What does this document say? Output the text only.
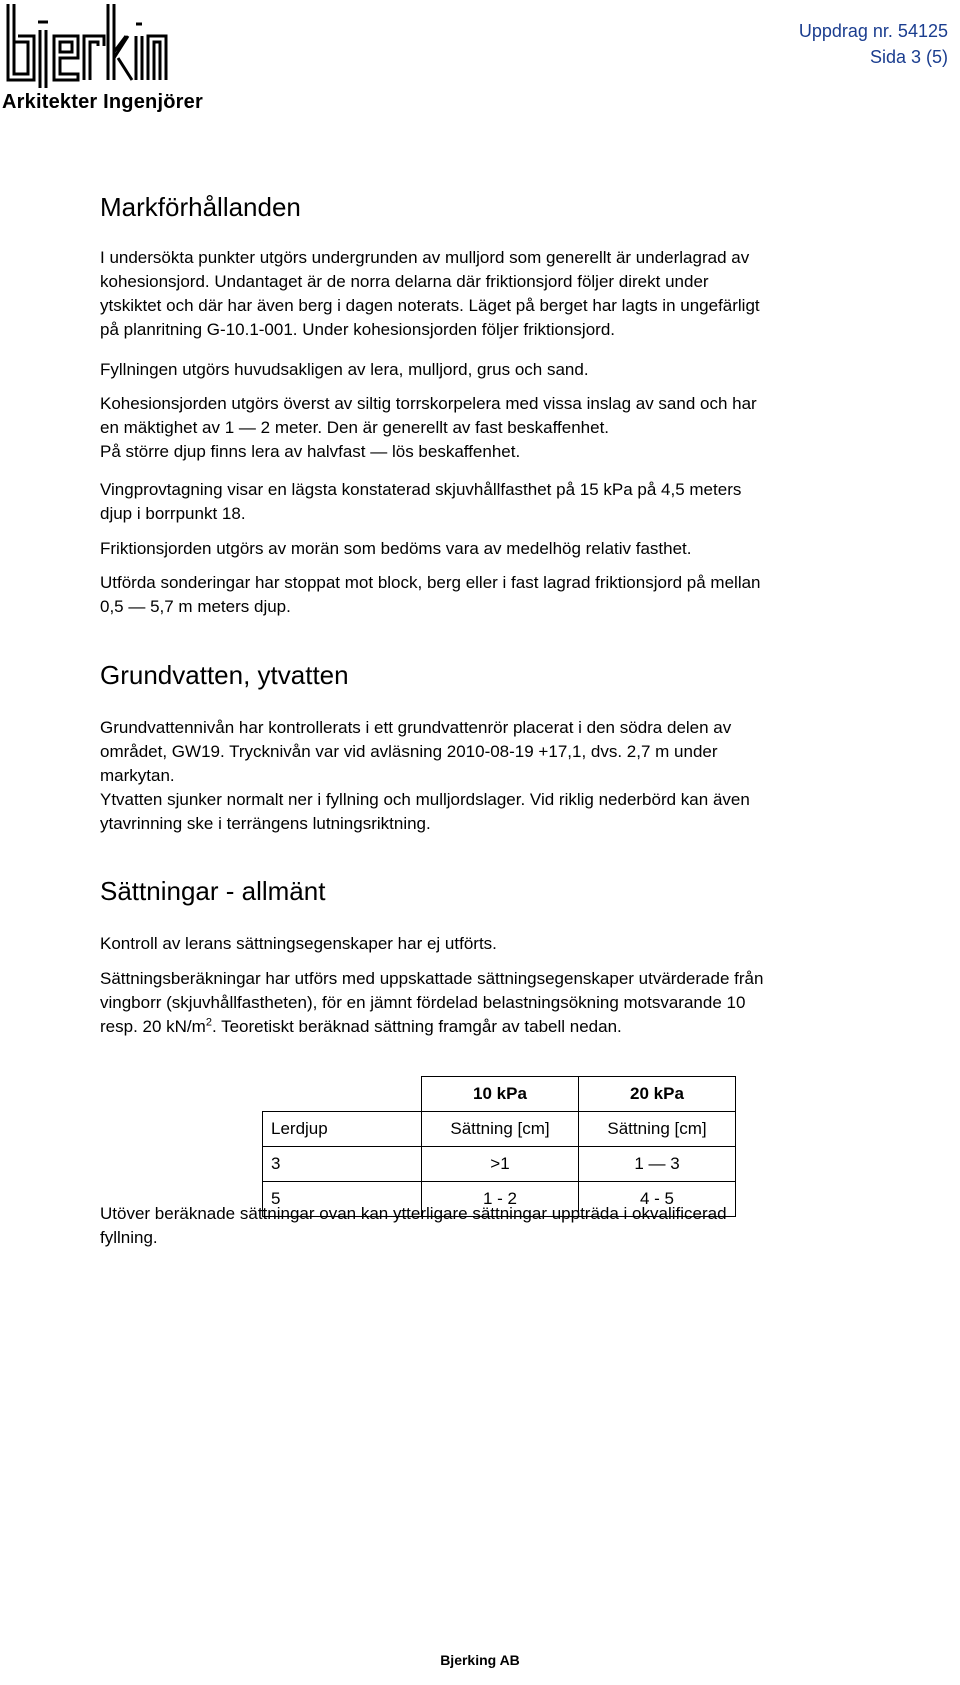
Arkitekter Ingenjörer
Uppdrag nr. 54125
Sida 3 (5)
Markförhållanden
I undersökta punkter utgörs undergrunden av mulljord som generellt är underlagrad av
kohesionsjord. Undantaget är de norra delarna där friktionsjord följer direkt under
ytskiktet och där har även berg i dagen noterats. Läget på berget har lagts in ungefärligt
på planritning G-10.1-001. Under kohesionsjorden följer friktionsjord.
Fyllningen utgörs huvudsakligen av lera, mulljord, grus och sand.
Kohesionsjorden utgörs överst av siltig torrskorpelera med vissa inslag av sand och har
en mäktighet av 1 — 2 meter. Den är generellt av fast beskaffenhet.
På större djup finns lera av halvfast — lös beskaffenhet.
Vingprovtagning visar en lägsta konstaterad skjuvhållfasthet på 15 kPa på 4,5 meters
djup i borrpunkt 18.
Friktionsjorden utgörs av morän som bedöms vara av medelhög relativ fasthet.
Utförda sonderingar har stoppat mot block, berg eller i fast lagrad friktionsjord på mellan
0,5 — 5,7 m meters djup.
Grundvatten, ytvatten
Grundvattennivån har kontrollerats i ett grundvattenrör placerat i den södra delen av
området, GW19. Trycknivån var vid avläsning 2010-08-19 +17,1, dvs. 2,7 m under
markytan.
Ytvatten sjunker normalt ner i fyllning och mulljordslager. Vid riklig nederbörd kan även
ytavrinning ske i terrängens lutningsriktning.
Sättningar - allmänt
Kontroll av lerans sättningsegenskaper har ej utförts.
Sättningsberäkningar har utförs med uppskattade sättningsegenskaper utvärderade från
vingborr (skjuvhållfastheten), för en jämnt fördelad belastningsökning motsvarande 10
resp. 20 $kN/m^2$. Teoretiskt beräknad sättning framgår av tabell nedan.
	10 kPa	20 kPa
Lerdjup	Sättning [cm]	Sättning [cm]
3	>1	1 — 3
5	1 - 2	4 - 5
Utöver beräknade sättningar ovan kan ytterligare sättningar uppträda i okvalificerad
fyllning.
Bjerking AB
